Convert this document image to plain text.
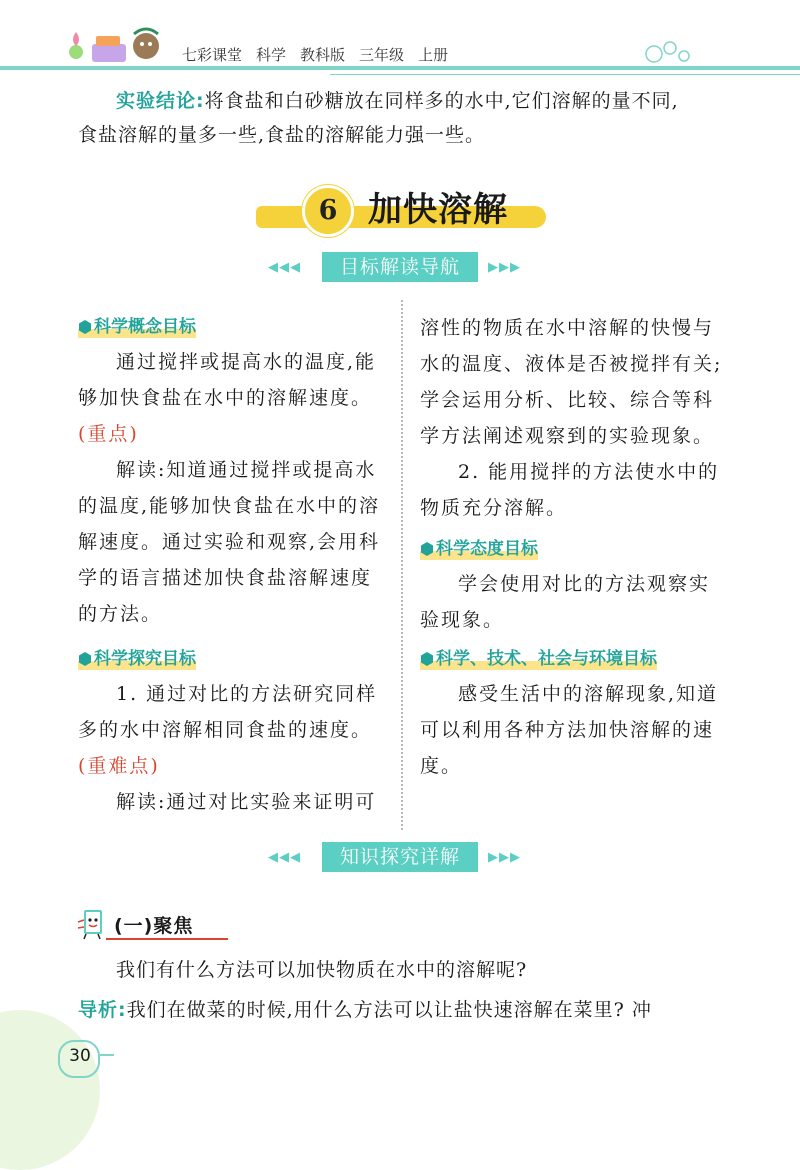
七彩课堂 科学 教科版 三年级 上册
实验结论:将食盐和白砂糖放在同样多的水中,它们溶解的量不同,
食盐溶解的量多一些,食盐的溶解能力强一些。
6 加快溶解
◀◀◀	目标解读导航	▶▶▶
科学概念目标

通过搅拌或提高水的温度,能够加快食盐在水中的溶解速度。

(重点)

解读:知道通过搅拌或提高水的温度,能够加快食盐在水中的溶解速度。通过实验和观察,会用科学的语言描述加快食盐溶解速度的方法。

科学探究目标

1. 通过对比的方法研究同样多的水中溶解相同食盐的速度。

(重难点)

解读:通过对比实验来证明可

溶性的物质在水中溶解的快慢与水的温度、液体是否被搅拌有关;学会运用分析、比较、综合等科学方法阐述观察到的实验现象。

2. 能用搅拌的方法使水中的物质充分溶解。

科学态度目标

学会使用对比的方法观察实验现象。

科学、技术、社会与环境目标

感受生活中的溶解现象,知道可以利用各种方法加快溶解的速度。

◀◀◀	知识探究详解	▶▶▶
(一)聚焦
我们有什么方法可以加快物质在水中的溶解呢?
导析:我们在做菜的时候,用什么方法可以让盐快速溶解在菜里? 冲
30
